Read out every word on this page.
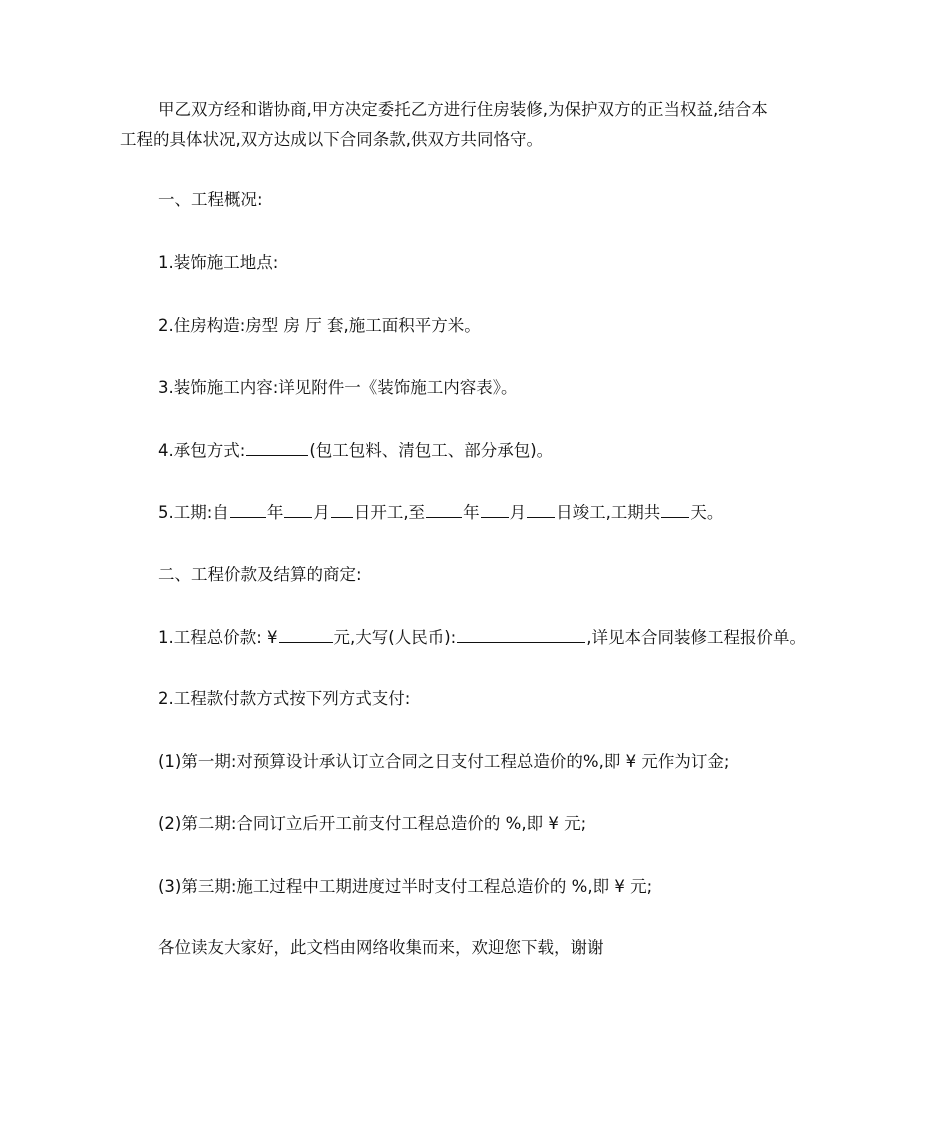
甲乙双方经和谐协商,甲方决定委托乙方进行住房装修,为保护双方的正当权益,结合本
工程的具体状况,双方达成以下合同条款,供双方共同恪守。
一、工程概况:
1.装饰施工地点:
2.住房构造:房型 房 厅 套,施工面积平方米。
3.装饰施工内容:详见附件一《装饰施工内容表》。
4.承包方式:	(包工包料、清包工、部分承包)。
5.工期:自 年 月 日开工,至 年 月 日竣工,工期共 天。
二、工程价款及结算的商定:
1.工程总价款: ¥	元,大写(人民币):	,详见本合同装修工程报价单。
2.工程款付款方式按下列方式支付:
(1)第一期:对预算设计承认订立合同之日支付工程总造价的%,即 ¥ 元作为订金;
(2)第二期:合同订立后开工前支付工程总造价的 %,即 ¥ 元;
(3)第三期:施工过程中工期进度过半时支付工程总造价的 %,即 ¥ 元;
各位读友大家好，此文档由网络收集而来，欢迎您下载，谢谢
